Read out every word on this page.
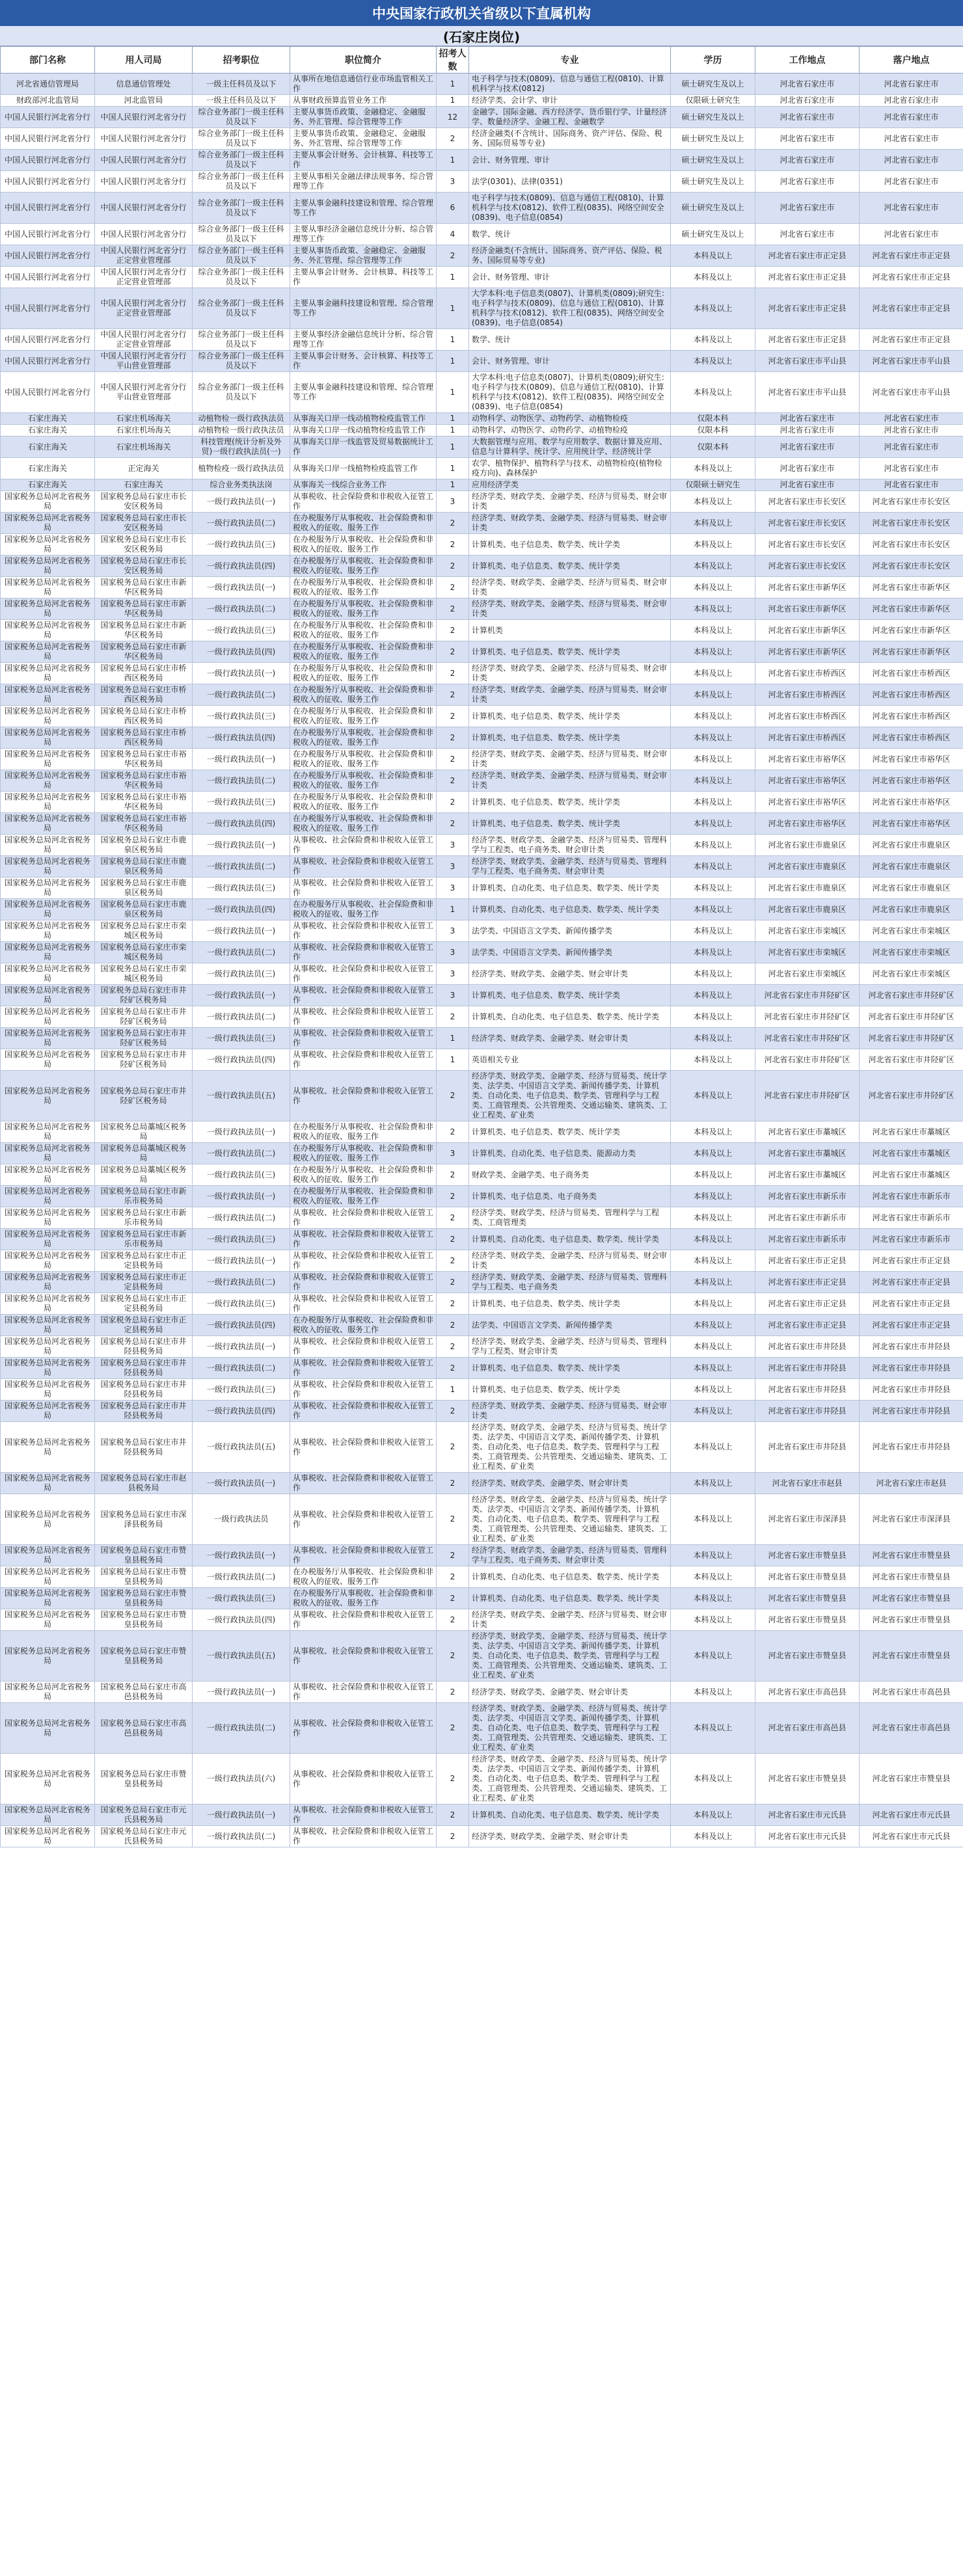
中央国家行政机关省级以下直属机构
(石家庄岗位)
部门名称	用人司局	招考职位	职位简介	招考人数	专业	学历	工作地点	落户地点
河北省通信管理局	信息通信管理处	一级主任科员及以下	从事所在地信息通信行业市场监管相关工作	1	电子科学与技术(0809)、信息与通信工程(0810)、计算机科学与技术(0812)	硕士研究生及以上	河北省石家庄市	河北省石家庄市
财政部河北监管局	河北监管局	一级主任科员及以下	从事财政预算监管业务工作	1	经济学类、会计学、审计	仅限硕士研究生	河北省石家庄市	河北省石家庄市
中国人民银行河北省分行	中国人民银行河北省分行	综合业务部门一级主任科员及以下	主要从事货币政策、金融稳定、金融服务、外汇管理、综合管理等工作	12	金融学、国际金融、西方经济学、货币银行学、计量经济学、数量经济学、金融工程、金融数学	硕士研究生及以上	河北省石家庄市	河北省石家庄市
中国人民银行河北省分行	中国人民银行河北省分行	综合业务部门一级主任科员及以下	主要从事货币政策、金融稳定、金融服务、外汇管理、综合管理等工作	2	经济金融类(不含统计、国际商务、资产评估、保险、税务、国际贸易等专业)	硕士研究生及以上	河北省石家庄市	河北省石家庄市
中国人民银行河北省分行	中国人民银行河北省分行	综合业务部门一级主任科员及以下	主要从事会计财务、会计核算、科技等工作	1	会计、财务管理、审计	硕士研究生及以上	河北省石家庄市	河北省石家庄市
中国人民银行河北省分行	中国人民银行河北省分行	综合业务部门一级主任科员及以下	主要从事相关金融法律法规事务、综合管理等工作	3	法学(0301)、法律(0351)	硕士研究生及以上	河北省石家庄市	河北省石家庄市
中国人民银行河北省分行	中国人民银行河北省分行	综合业务部门一级主任科员及以下	主要从事金融科技建设和管理、综合管理等工作	6	电子科学与技术(0809)、信息与通信工程(0810)、计算机科学与技术(0812)、软件工程(0835)、网络空间安全(0839)、电子信息(0854)	硕士研究生及以上	河北省石家庄市	河北省石家庄市
中国人民银行河北省分行	中国人民银行河北省分行	综合业务部门一级主任科员及以下	主要从事经济金融信息统计分析、综合管理等工作	4	数学、统计	硕士研究生及以上	河北省石家庄市	河北省石家庄市
中国人民银行河北省分行	中国人民银行河北省分行正定营业管理部	综合业务部门一级主任科员及以下	主要从事货币政策、金融稳定、金融服务、外汇管理、综合管理等工作	2	经济金融类(不含统计、国际商务、资产评估、保险、税务、国际贸易等专业)	本科及以上	河北省石家庄市正定县	河北省石家庄市正定县
中国人民银行河北省分行	中国人民银行河北省分行正定营业管理部	综合业务部门一级主任科员及以下	主要从事会计财务、会计核算、科技等工作	1	会计、财务管理、审计	本科及以上	河北省石家庄市正定县	河北省石家庄市正定县
中国人民银行河北省分行	中国人民银行河北省分行正定营业管理部	综合业务部门一级主任科员及以下	主要从事金融科技建设和管理、综合管理等工作	1	大学本科:电子信息类(0807)、计算机类(0809);研究生:电子科学与技术(0809)、信息与通信工程(0810)、计算机科学与技术(0812)、软件工程(0835)、网络空间安全(0839)、电子信息(0854)	本科及以上	河北省石家庄市正定县	河北省石家庄市正定县
中国人民银行河北省分行	中国人民银行河北省分行正定营业管理部	综合业务部门一级主任科员及以下	主要从事经济金融信息统计分析、综合管理等工作	1	数学、统计	本科及以上	河北省石家庄市正定县	河北省石家庄市正定县
中国人民银行河北省分行	中国人民银行河北省分行平山营业管理部	综合业务部门一级主任科员及以下	主要从事会计财务、会计核算、科技等工作	1	会计、财务管理、审计	本科及以上	河北省石家庄市平山县	河北省石家庄市平山县
中国人民银行河北省分行	中国人民银行河北省分行平山营业管理部	综合业务部门一级主任科员及以下	主要从事金融科技建设和管理、综合管理等工作	1	大学本科:电子信息类(0807)、计算机类(0809);研究生:电子科学与技术(0809)、信息与通信工程(0810)、计算机科学与技术(0812)、软件工程(0835)、网络空间安全(0839)、电子信息(0854)	本科及以上	河北省石家庄市平山县	河北省石家庄市平山县
石家庄海关	石家庄机场海关	动植物检一级行政执法员	从事海关口岸一线动植物检疫监管工作	1	动物科学、动物医学、动物药学、动植物检疫	仅限本科	河北省石家庄市	河北省石家庄市
石家庄海关	石家庄机场海关	动植物检一级行政执法员	从事海关口岸一线动植物检疫监管工作	1	动物科学、动物医学、动物药学、动植物检疫	仅限本科	河北省石家庄市	河北省石家庄市
石家庄海关	石家庄机场海关	科技管理(统计分析及外贸)一级行政执法员(一)	从事海关口岸一线监管及贸易数据统计工作	1	大数据管理与应用、数学与应用数学、数据计算及应用、信息与计算科学、统计学、应用统计学、经济统计学	仅限本科	河北省石家庄市	河北省石家庄市
石家庄海关	正定海关	植物检疫一级行政执法员	从事海关口岸一线植物检疫监管工作	1	农学、植物保护、植物科学与技术、动植物检疫(植物检疫方向)、森林保护	本科及以上	河北省石家庄市	河北省石家庄市
石家庄海关	石家庄海关	综合业务类执法岗	从事海关一线综合业务工作	1	应用经济学类	仅限硕士研究生	河北省石家庄市	河北省石家庄市
国家税务总局河北省税务局	国家税务总局石家庄市长安区税务局	一级行政执法员(一)	从事税收、社会保险费和非税收入征管工作	3	经济学类、财政学类、金融学类、经济与贸易类、财会审计类	本科及以上	河北省石家庄市长安区	河北省石家庄市长安区
国家税务总局河北省税务局	国家税务总局石家庄市长安区税务局	一级行政执法员(二)	在办税服务厅从事税收、社会保险费和非税收入的征收、服务工作	2	经济学类、财政学类、金融学类、经济与贸易类、财会审计类	本科及以上	河北省石家庄市长安区	河北省石家庄市长安区
国家税务总局河北省税务局	国家税务总局石家庄市长安区税务局	一级行政执法员(三)	在办税服务厅从事税收、社会保险费和非税收入的征收、服务工作	2	计算机类、电子信息类、数学类、统计学类	本科及以上	河北省石家庄市长安区	河北省石家庄市长安区
国家税务总局河北省税务局	国家税务总局石家庄市长安区税务局	一级行政执法员(四)	在办税服务厅从事税收、社会保险费和非税收入的征收、服务工作	2	计算机类、电子信息类、数学类、统计学类	本科及以上	河北省石家庄市长安区	河北省石家庄市长安区
国家税务总局河北省税务局	国家税务总局石家庄市新华区税务局	一级行政执法员(一)	在办税服务厅从事税收、社会保险费和非税收入的征收、服务工作	2	经济学类、财政学类、金融学类、经济与贸易类、财会审计类	本科及以上	河北省石家庄市新华区	河北省石家庄市新华区
国家税务总局河北省税务局	国家税务总局石家庄市新华区税务局	一级行政执法员(二)	在办税服务厅从事税收、社会保险费和非税收入的征收、服务工作	2	经济学类、财政学类、金融学类、经济与贸易类、财会审计类	本科及以上	河北省石家庄市新华区	河北省石家庄市新华区
国家税务总局河北省税务局	国家税务总局石家庄市新华区税务局	一级行政执法员(三)	在办税服务厅从事税收、社会保险费和非税收入的征收、服务工作	2	计算机类	本科及以上	河北省石家庄市新华区	河北省石家庄市新华区
国家税务总局河北省税务局	国家税务总局石家庄市新华区税务局	一级行政执法员(四)	在办税服务厅从事税收、社会保险费和非税收入的征收、服务工作	2	计算机类、电子信息类、数学类、统计学类	本科及以上	河北省石家庄市新华区	河北省石家庄市新华区
国家税务总局河北省税务局	国家税务总局石家庄市桥西区税务局	一级行政执法员(一)	在办税服务厅从事税收、社会保险费和非税收入的征收、服务工作	2	经济学类、财政学类、金融学类、经济与贸易类、财会审计类	本科及以上	河北省石家庄市桥西区	河北省石家庄市桥西区
国家税务总局河北省税务局	国家税务总局石家庄市桥西区税务局	一级行政执法员(二)	在办税服务厅从事税收、社会保险费和非税收入的征收、服务工作	2	经济学类、财政学类、金融学类、经济与贸易类、财会审计类	本科及以上	河北省石家庄市桥西区	河北省石家庄市桥西区
国家税务总局河北省税务局	国家税务总局石家庄市桥西区税务局	一级行政执法员(三)	在办税服务厅从事税收、社会保险费和非税收入的征收、服务工作	2	计算机类、电子信息类、数学类、统计学类	本科及以上	河北省石家庄市桥西区	河北省石家庄市桥西区
国家税务总局河北省税务局	国家税务总局石家庄市桥西区税务局	一级行政执法员(四)	在办税服务厅从事税收、社会保险费和非税收入的征收、服务工作	2	计算机类、电子信息类、数学类、统计学类	本科及以上	河北省石家庄市桥西区	河北省石家庄市桥西区
国家税务总局河北省税务局	国家税务总局石家庄市裕华区税务局	一级行政执法员(一)	在办税服务厅从事税收、社会保险费和非税收入的征收、服务工作	2	经济学类、财政学类、金融学类、经济与贸易类、财会审计类	本科及以上	河北省石家庄市裕华区	河北省石家庄市裕华区
国家税务总局河北省税务局	国家税务总局石家庄市裕华区税务局	一级行政执法员(二)	在办税服务厅从事税收、社会保险费和非税收入的征收、服务工作	2	经济学类、财政学类、金融学类、经济与贸易类、财会审计类	本科及以上	河北省石家庄市裕华区	河北省石家庄市裕华区
国家税务总局河北省税务局	国家税务总局石家庄市裕华区税务局	一级行政执法员(三)	在办税服务厅从事税收、社会保险费和非税收入的征收、服务工作	2	计算机类、电子信息类、数学类、统计学类	本科及以上	河北省石家庄市裕华区	河北省石家庄市裕华区
国家税务总局河北省税务局	国家税务总局石家庄市裕华区税务局	一级行政执法员(四)	在办税服务厅从事税收、社会保险费和非税收入的征收、服务工作	2	计算机类、电子信息类、数学类、统计学类	本科及以上	河北省石家庄市裕华区	河北省石家庄市裕华区
国家税务总局河北省税务局	国家税务总局石家庄市鹿泉区税务局	一级行政执法员(一)	从事税收、社会保险费和非税收入征管工作	3	经济学类、财政学类、金融学类、经济与贸易类、管理科学与工程类、电子商务类、财会审计类	本科及以上	河北省石家庄市鹿泉区	河北省石家庄市鹿泉区
国家税务总局河北省税务局	国家税务总局石家庄市鹿泉区税务局	一级行政执法员(二)	从事税收、社会保险费和非税收入征管工作	3	经济学类、财政学类、金融学类、经济与贸易类、管理科学与工程类、电子商务类、财会审计类	本科及以上	河北省石家庄市鹿泉区	河北省石家庄市鹿泉区
国家税务总局河北省税务局	国家税务总局石家庄市鹿泉区税务局	一级行政执法员(三)	从事税收、社会保险费和非税收入征管工作	3	计算机类、自动化类、电子信息类、数学类、统计学类	本科及以上	河北省石家庄市鹿泉区	河北省石家庄市鹿泉区
国家税务总局河北省税务局	国家税务总局石家庄市鹿泉区税务局	一级行政执法员(四)	在办税服务厅从事税收、社会保险费和非税收入的征收、服务工作	1	计算机类、自动化类、电子信息类、数学类、统计学类	本科及以上	河北省石家庄市鹿泉区	河北省石家庄市鹿泉区
国家税务总局河北省税务局	国家税务总局石家庄市栾城区税务局	一级行政执法员(一)	从事税收、社会保险费和非税收入征管工作	3	法学类、中国语言文学类、新闻传播学类	本科及以上	河北省石家庄市栾城区	河北省石家庄市栾城区
国家税务总局河北省税务局	国家税务总局石家庄市栾城区税务局	一级行政执法员(二)	从事税收、社会保险费和非税收入征管工作	3	法学类、中国语言文学类、新闻传播学类	本科及以上	河北省石家庄市栾城区	河北省石家庄市栾城区
国家税务总局河北省税务局	国家税务总局石家庄市栾城区税务局	一级行政执法员(三)	从事税收、社会保险费和非税收入征管工作	3	经济学类、财政学类、金融学类、财会审计类	本科及以上	河北省石家庄市栾城区	河北省石家庄市栾城区
国家税务总局河北省税务局	国家税务总局石家庄市井陉矿区税务局	一级行政执法员(一)	从事税收、社会保险费和非税收入征管工作	3	计算机类、电子信息类、数学类、统计学类	本科及以上	河北省石家庄市井陉矿区	河北省石家庄市井陉矿区
国家税务总局河北省税务局	国家税务总局石家庄市井陉矿区税务局	一级行政执法员(二)	从事税收、社会保险费和非税收入征管工作	2	计算机类、自动化类、电子信息类、数学类、统计学类	本科及以上	河北省石家庄市井陉矿区	河北省石家庄市井陉矿区
国家税务总局河北省税务局	国家税务总局石家庄市井陉矿区税务局	一级行政执法员(三)	从事税收、社会保险费和非税收入征管工作	1	经济学类、财政学类、金融学类、财会审计类	本科及以上	河北省石家庄市井陉矿区	河北省石家庄市井陉矿区
国家税务总局河北省税务局	国家税务总局石家庄市井陉矿区税务局	一级行政执法员(四)	从事税收、社会保险费和非税收入征管工作	1	英语相关专业	本科及以上	河北省石家庄市井陉矿区	河北省石家庄市井陉矿区
国家税务总局河北省税务局	国家税务总局石家庄市井陉矿区税务局	一级行政执法员(五)	从事税收、社会保险费和非税收入征管工作	2	经济学类、财政学类、金融学类、经济与贸易类、统计学类、法学类、中国语言文学类、新闻传播学类、计算机类、自动化类、电子信息类、数学类、管理科学与工程类、工商管理类、公共管理类、交通运输类、建筑类、工业工程类、矿业类	本科及以上	河北省石家庄市井陉矿区	河北省石家庄市井陉矿区
国家税务总局河北省税务局	国家税务总局藁城区税务局	一级行政执法员(一)	在办税服务厅从事税收、社会保险费和非税收入的征收、服务工作	2	计算机类、电子信息类、数学类、统计学类	本科及以上	河北省石家庄市藁城区	河北省石家庄市藁城区
国家税务总局河北省税务局	国家税务总局藁城区税务局	一级行政执法员(二)	在办税服务厅从事税收、社会保险费和非税收入的征收、服务工作	3	计算机类、自动化类、电子信息类、能源动力类	本科及以上	河北省石家庄市藁城区	河北省石家庄市藁城区
国家税务总局河北省税务局	国家税务总局藁城区税务局	一级行政执法员(三)	在办税服务厅从事税收、社会保险费和非税收入的征收、服务工作	2	财政学类、金融学类、电子商务类	本科及以上	河北省石家庄市藁城区	河北省石家庄市藁城区
国家税务总局河北省税务局	国家税务总局石家庄市新乐市税务局	一级行政执法员(一)	在办税服务厅从事税收、社会保险费和非税收入的征收、服务工作	2	计算机类、电子信息类、电子商务类	本科及以上	河北省石家庄市新乐市	河北省石家庄市新乐市
国家税务总局河北省税务局	国家税务总局石家庄市新乐市税务局	一级行政执法员(二)	从事税收、社会保险费和非税收入征管工作	2	经济学类、财政学类、经济与贸易类、管理科学与工程类、工商管理类	本科及以上	河北省石家庄市新乐市	河北省石家庄市新乐市
国家税务总局河北省税务局	国家税务总局石家庄市新乐市税务局	一级行政执法员(三)	从事税收、社会保险费和非税收入征管工作	2	计算机类、自动化类、电子信息类、数学类、统计学类	本科及以上	河北省石家庄市新乐市	河北省石家庄市新乐市
国家税务总局河北省税务局	国家税务总局石家庄市正定县税务局	一级行政执法员(一)	从事税收、社会保险费和非税收入征管工作	2	经济学类、财政学类、金融学类、经济与贸易类、财会审计类	本科及以上	河北省石家庄市正定县	河北省石家庄市正定县
国家税务总局河北省税务局	国家税务总局石家庄市正定县税务局	一级行政执法员(二)	从事税收、社会保险费和非税收入征管工作	2	经济学类、财政学类、金融学类、经济与贸易类、管理科学与工程类、电子商务类	本科及以上	河北省石家庄市正定县	河北省石家庄市正定县
国家税务总局河北省税务局	国家税务总局石家庄市正定县税务局	一级行政执法员(三)	从事税收、社会保险费和非税收入征管工作	2	计算机类、电子信息类、数学类、统计学类	本科及以上	河北省石家庄市正定县	河北省石家庄市正定县
国家税务总局河北省税务局	国家税务总局石家庄市正定县税务局	一级行政执法员(四)	在办税服务厅从事税收、社会保险费和非税收入的征收、服务工作	2	法学类、中国语言文学类、新闻传播学类	本科及以上	河北省石家庄市正定县	河北省石家庄市正定县
国家税务总局河北省税务局	国家税务总局石家庄市井陉县税务局	一级行政执法员(一)	从事税收、社会保险费和非税收入征管工作	2	经济学类、财政学类、金融学类、经济与贸易类、管理科学与工程类、财会审计类	本科及以上	河北省石家庄市井陉县	河北省石家庄市井陉县
国家税务总局河北省税务局	国家税务总局石家庄市井陉县税务局	一级行政执法员(二)	从事税收、社会保险费和非税收入征管工作	2	计算机类、电子信息类、数学类、统计学类	本科及以上	河北省石家庄市井陉县	河北省石家庄市井陉县
国家税务总局河北省税务局	国家税务总局石家庄市井陉县税务局	一级行政执法员(三)	从事税收、社会保险费和非税收入征管工作	1	计算机类、电子信息类、数学类、统计学类	本科及以上	河北省石家庄市井陉县	河北省石家庄市井陉县
国家税务总局河北省税务局	国家税务总局石家庄市井陉县税务局	一级行政执法员(四)	从事税收、社会保险费和非税收入征管工作	2	经济学类、财政学类、金融学类、经济与贸易类、财会审计类	本科及以上	河北省石家庄市井陉县	河北省石家庄市井陉县
国家税务总局河北省税务局	国家税务总局石家庄市井陉县税务局	一级行政执法员(五)	从事税收、社会保险费和非税收入征管工作	2	经济学类、财政学类、金融学类、经济与贸易类、统计学类、法学类、中国语言文学类、新闻传播学类、计算机类、自动化类、电子信息类、数学类、管理科学与工程类、工商管理类、公共管理类、交通运输类、建筑类、工业工程类、矿业类	本科及以上	河北省石家庄市井陉县	河北省石家庄市井陉县
国家税务总局河北省税务局	国家税务总局石家庄市赵县税务局	一级行政执法员(一)	从事税收、社会保险费和非税收入征管工作	2	经济学类、财政学类、金融学类、财会审计类	本科及以上	河北省石家庄市赵县	河北省石家庄市赵县
国家税务总局河北省税务局	国家税务总局石家庄市深泽县税务局	一级行政执法员	从事税收、社会保险费和非税收入征管工作	2	经济学类、财政学类、金融学类、经济与贸易类、统计学类、法学类、中国语言文学类、新闻传播学类、计算机类、自动化类、电子信息类、数学类、管理科学与工程类、工商管理类、公共管理类、交通运输类、建筑类、工业工程类、矿业类	本科及以上	河北省石家庄市深泽县	河北省石家庄市深泽县
国家税务总局河北省税务局	国家税务总局石家庄市赞皇县税务局	一级行政执法员(一)	从事税收、社会保险费和非税收入征管工作	2	经济学类、财政学类、金融学类、经济与贸易类、管理科学与工程类、电子商务类、财会审计类	本科及以上	河北省石家庄市赞皇县	河北省石家庄市赞皇县
国家税务总局河北省税务局	国家税务总局石家庄市赞皇县税务局	一级行政执法员(二)	在办税服务厅从事税收、社会保险费和非税收入的征收、服务工作	2	计算机类、自动化类、电子信息类、数学类、统计学类	本科及以上	河北省石家庄市赞皇县	河北省石家庄市赞皇县
国家税务总局河北省税务局	国家税务总局石家庄市赞皇县税务局	一级行政执法员(三)	在办税服务厅从事税收、社会保险费和非税收入的征收、服务工作	2	计算机类、自动化类、电子信息类、数学类、统计学类	本科及以上	河北省石家庄市赞皇县	河北省石家庄市赞皇县
国家税务总局河北省税务局	国家税务总局石家庄市赞皇县税务局	一级行政执法员(四)	从事税收、社会保险费和非税收入征管工作	2	经济学类、财政学类、金融学类、经济与贸易类、财会审计类	本科及以上	河北省石家庄市赞皇县	河北省石家庄市赞皇县
国家税务总局河北省税务局	国家税务总局石家庄市赞皇县税务局	一级行政执法员(五)	从事税收、社会保险费和非税收入征管工作	2	经济学类、财政学类、金融学类、经济与贸易类、统计学类、法学类、中国语言文学类、新闻传播学类、计算机类、自动化类、电子信息类、数学类、管理科学与工程类、工商管理类、公共管理类、交通运输类、建筑类、工业工程类、矿业类	本科及以上	河北省石家庄市赞皇县	河北省石家庄市赞皇县
国家税务总局河北省税务局	国家税务总局石家庄市高邑县税务局	一级行政执法员(一)	从事税收、社会保险费和非税收入征管工作	2	经济学类、财政学类、金融学类、财会审计类	本科及以上	河北省石家庄市高邑县	河北省石家庄市高邑县
国家税务总局河北省税务局	国家税务总局石家庄市高邑县税务局	一级行政执法员(二)	从事税收、社会保险费和非税收入征管工作	2	经济学类、财政学类、金融学类、经济与贸易类、统计学类、法学类、中国语言文学类、新闻传播学类、计算机类、自动化类、电子信息类、数学类、管理科学与工程类、工商管理类、公共管理类、交通运输类、建筑类、工业工程类、矿业类	本科及以上	河北省石家庄市高邑县	河北省石家庄市高邑县
国家税务总局河北省税务局	国家税务总局石家庄市赞皇县税务局	一级行政执法员(六)	从事税收、社会保险费和非税收入征管工作	2	经济学类、财政学类、金融学类、经济与贸易类、统计学类、法学类、中国语言文学类、新闻传播学类、计算机类、自动化类、电子信息类、数学类、管理科学与工程类、工商管理类、公共管理类、交通运输类、建筑类、工业工程类、矿业类	本科及以上	河北省石家庄市赞皇县	河北省石家庄市赞皇县
国家税务总局河北省税务局	国家税务总局石家庄市元氏县税务局	一级行政执法员(一)	从事税收、社会保险费和非税收入征管工作	2	计算机类、自动化类、电子信息类、数学类、统计学类	本科及以上	河北省石家庄市元氏县	河北省石家庄市元氏县
国家税务总局河北省税务局	国家税务总局石家庄市元氏县税务局	一级行政执法员(二)	从事税收、社会保险费和非税收入征管工作	2	经济学类、财政学类、金融学类、财会审计类	本科及以上	河北省石家庄市元氏县	河北省石家庄市元氏县
